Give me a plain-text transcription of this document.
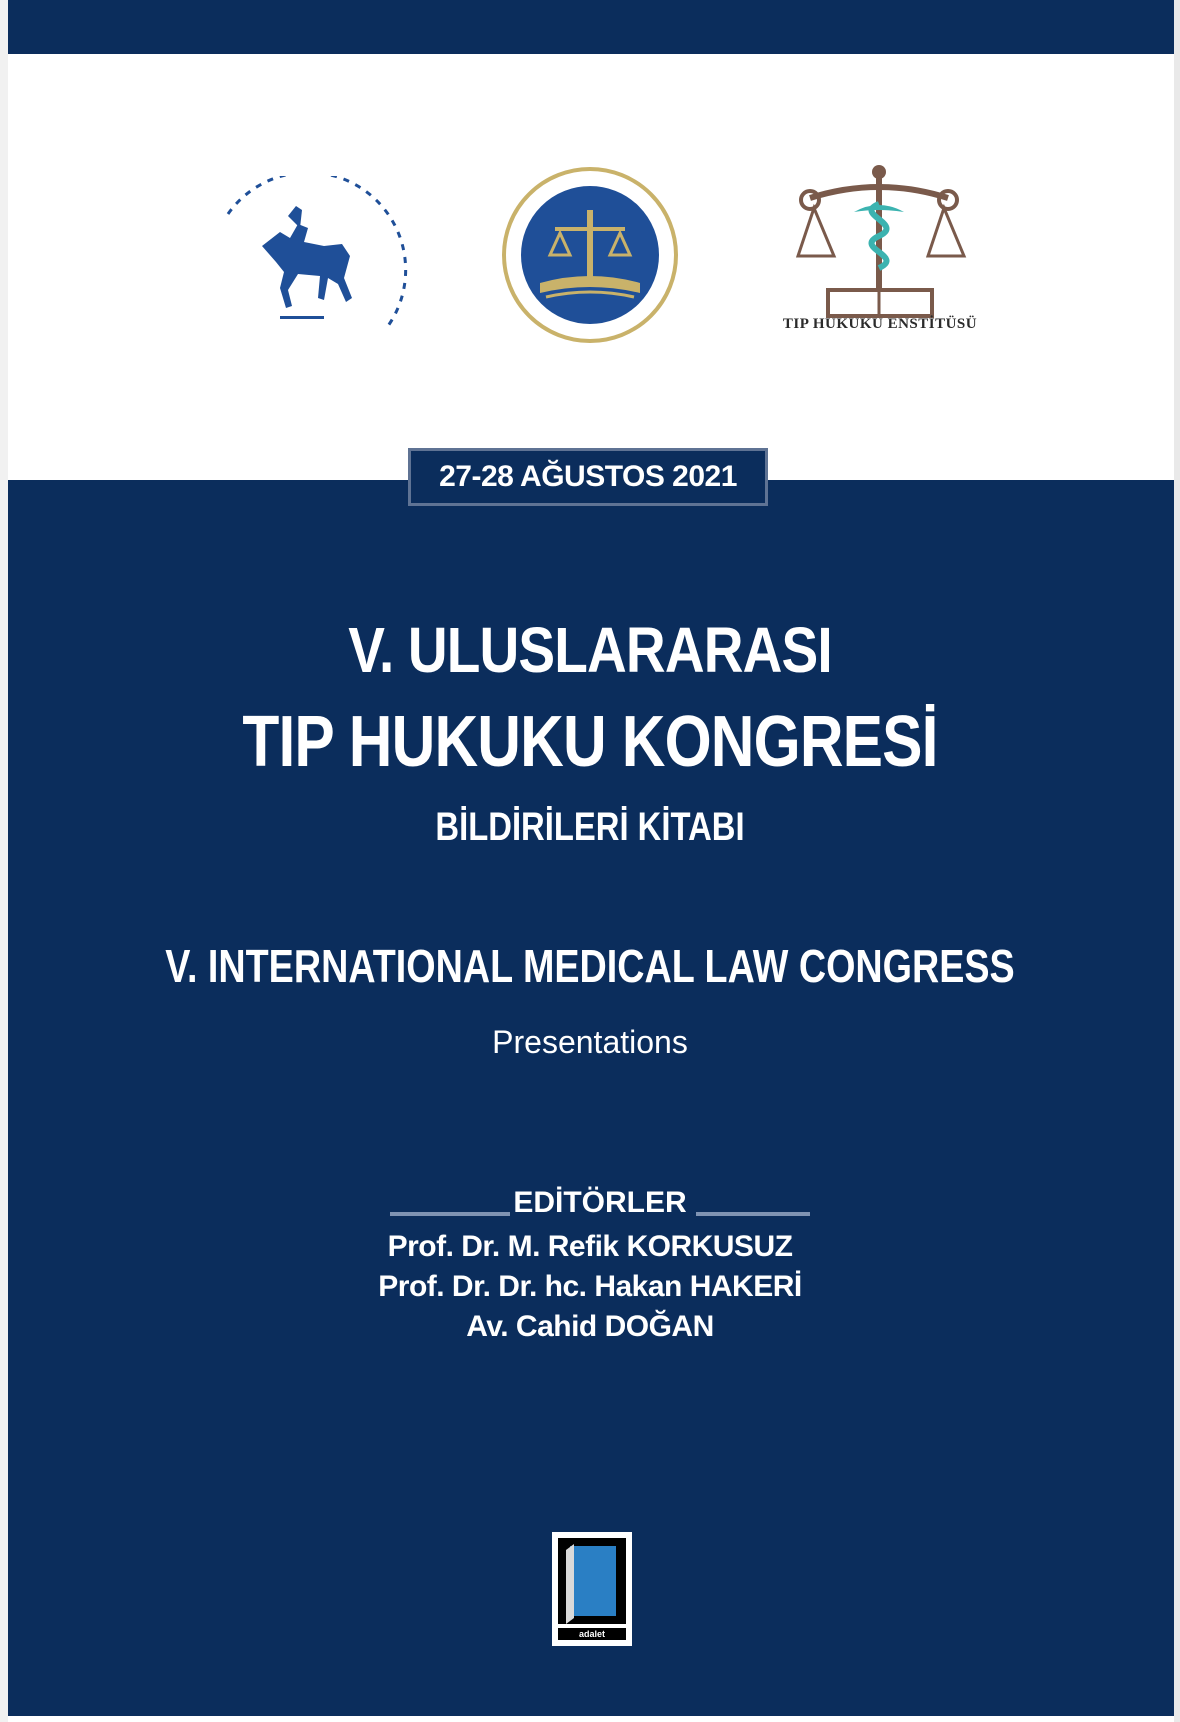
DOKUZ EYLÜL ÜNİVERSİTESİ
TIP HUKUKU ENSTİTÜSÜ
27-28 AĞUSTOS 2021
V. ULUSLARARASI
TIP HUKUKU KONGRESİ
BİLDİRİLERİ KİTABI
V. INTERNATIONAL MEDICAL LAW CONGRESS
Presentations
EDİTÖRLER
Prof. Dr. M. Refik KORKUSUZ
Prof. Dr. Dr. hc. Hakan HAKERİ
Av. Cahid DOĞAN
adalet
